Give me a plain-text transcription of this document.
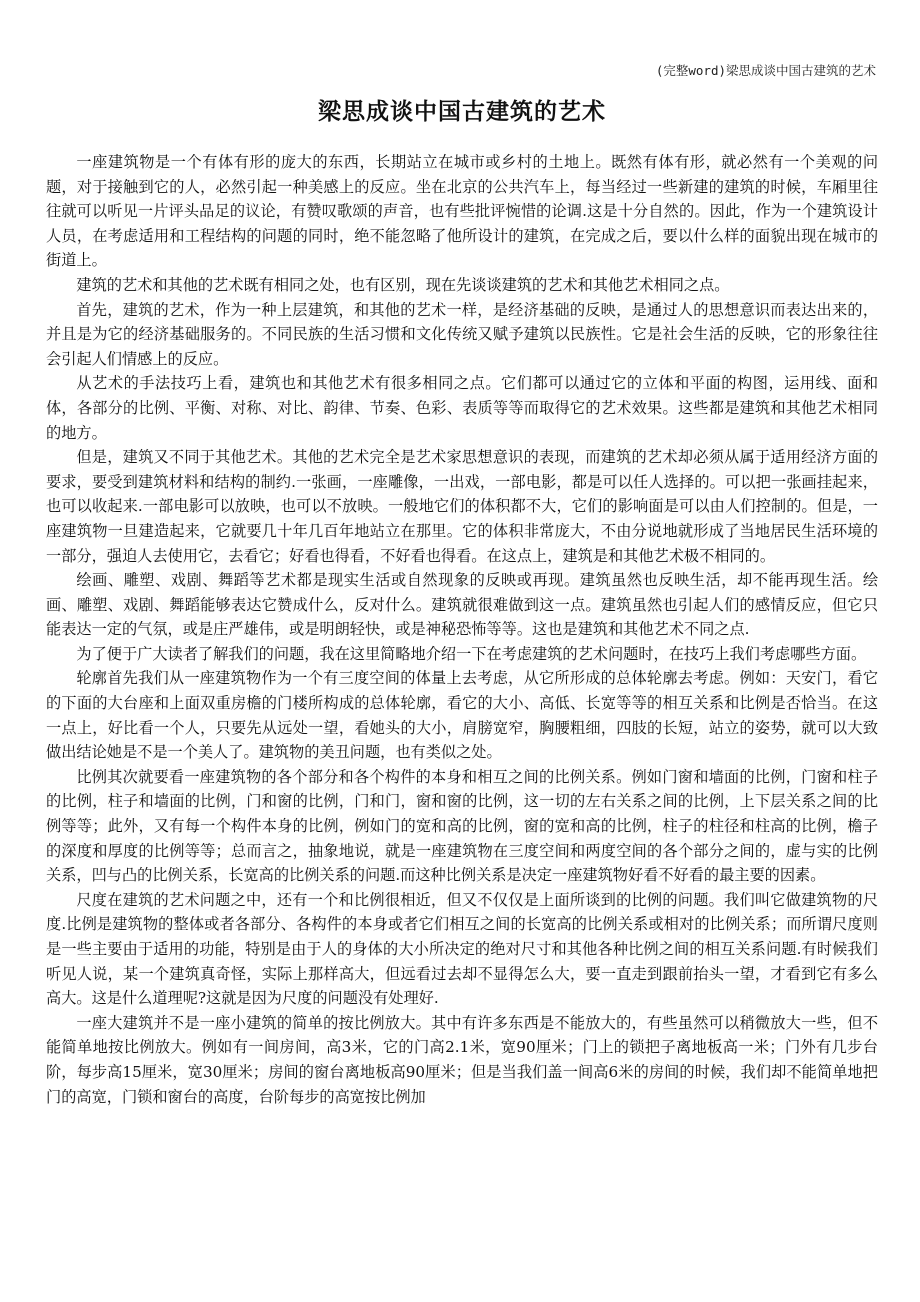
(完整word)梁思成谈中国古建筑的艺术
梁思成谈中国古建筑的艺术

一座建筑物是一个有体有形的庞大的东西，长期站立在城市或乡村的土地上。既然有体有形，就必然有一个美观的问题，对于接触到它的人，必然引起一种美感上的反应。坐在北京的公共汽车上，每当经过一些新建的建筑的时候，车厢里往往就可以听见一片评头品足的议论，有赞叹歌颂的声音，也有些批评惋惜的论调.这是十分自然的。因此，作为一个建筑设计人员，在考虑适用和工程结构的问题的同时，绝不能忽略了他所设计的建筑，在完成之后，要以什么样的面貌出现在城市的街道上。

建筑的艺术和其他的艺术既有相同之处，也有区别，现在先谈谈建筑的艺术和其他艺术相同之点。

首先，建筑的艺术，作为一种上层建筑，和其他的艺术一样，是经济基础的反映，是通过人的思想意识而表达出来的，并且是为它的经济基础服务的。不同民族的生活习惯和文化传统又赋予建筑以民族性。它是社会生活的反映，它的形象往往会引起人们情感上的反应。

从艺术的手法技巧上看，建筑也和其他艺术有很多相同之点。它们都可以通过它的立体和平面的构图，运用线、面和体，各部分的比例、平衡、对称、对比、韵律、节奏、色彩、表质等等而取得它的艺术效果。这些都是建筑和其他艺术相同的地方。

但是，建筑又不同于其他艺术。其他的艺术完全是艺术家思想意识的表现，而建筑的艺术却必须从属于适用经济方面的要求，要受到建筑材料和结构的制约.一张画，一座雕像，一出戏，一部电影，都是可以任人选择的。可以把一张画挂起来，也可以收起来.一部电影可以放映，也可以不放映。一般地它们的体积都不大，它们的影响面是可以由人们控制的。但是，一座建筑物一旦建造起来，它就要几十年几百年地站立在那里。它的体积非常庞大，不由分说地就形成了当地居民生活环境的一部分，强迫人去使用它，去看它；好看也得看，不好看也得看。在这点上，建筑是和其他艺术极不相同的。

绘画、雕塑、戏剧、舞蹈等艺术都是现实生活或自然现象的反映或再现。建筑虽然也反映生活，却不能再现生活。绘画、雕塑、戏剧、舞蹈能够表达它赞成什么，反对什么。建筑就很难做到这一点。建筑虽然也引起人们的感情反应，但它只能表达一定的气氛，或是庄严雄伟，或是明朗轻快，或是神秘恐怖等等。这也是建筑和其他艺术不同之点.

为了便于广大读者了解我们的问题，我在这里简略地介绍一下在考虑建筑的艺术问题时，在技巧上我们考虑哪些方面。

轮廓首先我们从一座建筑物作为一个有三度空间的体量上去考虑，从它所形成的总体轮廓去考虑。例如：天安门，看它的下面的大台座和上面双重房檐的门楼所构成的总体轮廓，看它的大小、高低、长宽等等的相互关系和比例是否恰当。在这一点上，好比看一个人，只要先从远处一望，看她头的大小，肩膀宽窄，胸腰粗细，四肢的长短，站立的姿势，就可以大致做出结论她是不是一个美人了。建筑物的美丑问题，也有类似之处。

比例其次就要看一座建筑物的各个部分和各个构件的本身和相互之间的比例关系。例如门窗和墙面的比例，门窗和柱子的比例，柱子和墙面的比例，门和窗的比例，门和门，窗和窗的比例，这一切的左右关系之间的比例，上下层关系之间的比例等等；此外，又有每一个构件本身的比例，例如门的宽和高的比例，窗的宽和高的比例，柱子的柱径和柱高的比例，檐子的深度和厚度的比例等等；总而言之，抽象地说，就是一座建筑物在三度空间和两度空间的各个部分之间的，虚与实的比例关系，凹与凸的比例关系，长宽高的比例关系的问题.而这种比例关系是决定一座建筑物好看不好看的最主要的因素。

尺度在建筑的艺术问题之中，还有一个和比例很相近，但又不仅仅是上面所谈到的比例的问题。我们叫它做建筑物的尺度.比例是建筑物的整体或者各部分、各构件的本身或者它们相互之间的长宽高的比例关系或相对的比例关系；而所谓尺度则是一些主要由于适用的功能，特别是由于人的身体的大小所决定的绝对尺寸和其他各种比例之间的相互关系问题.有时候我们听见人说，某一个建筑真奇怪，实际上那样高大，但远看过去却不显得怎么大，要一直走到跟前抬头一望，才看到它有多么高大。这是什么道理呢?这就是因为尺度的问题没有处理好.

一座大建筑并不是一座小建筑的简单的按比例放大。其中有许多东西是不能放大的，有些虽然可以稍微放大一些，但不能简单地按比例放大。例如有一间房间，高3米，它的门高2.1米，宽90厘米；门上的锁把子离地板高一米；门外有几步台阶，每步高15厘米，宽30厘米；房间的窗台离地板高90厘米；但是当我们盖一间高6米的房间的时候，我们却不能简单地把门的高宽，门锁和窗台的高度，台阶每步的高宽按比例加
